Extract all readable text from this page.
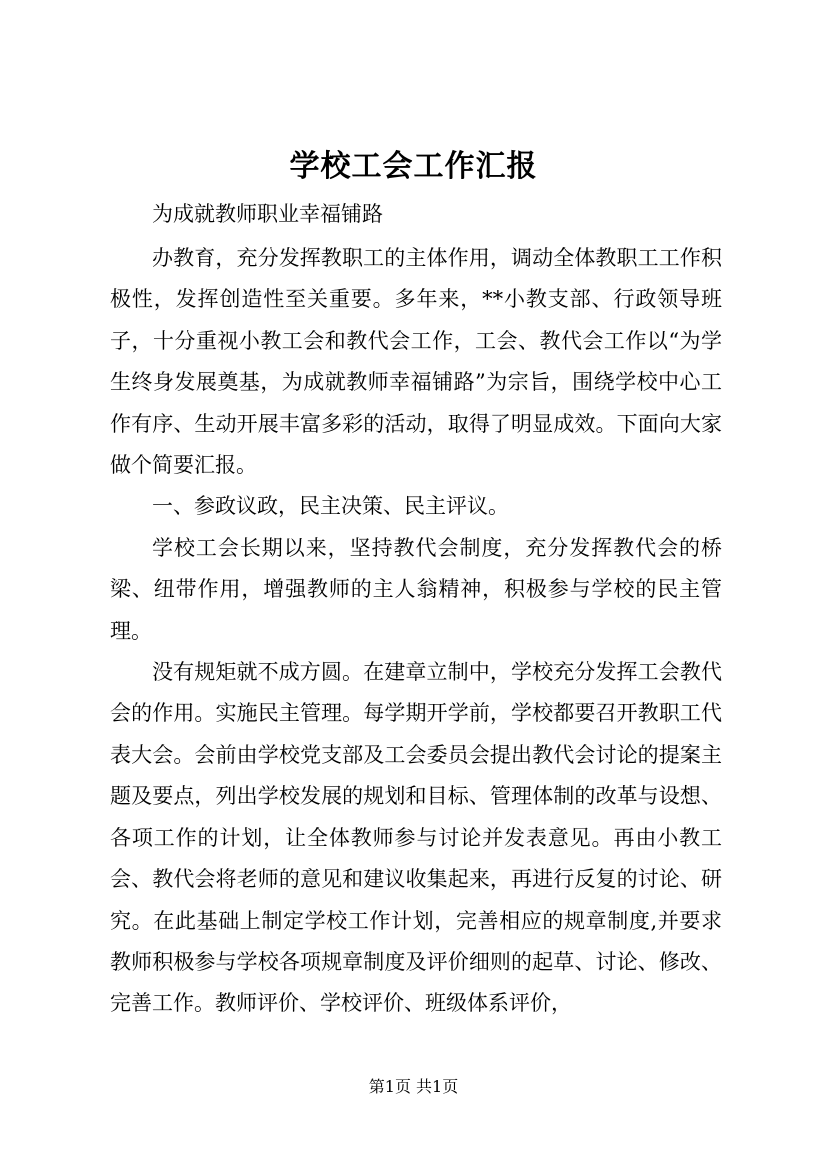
学校工会工作汇报

为成就教师职业幸福铺路

办教育，充分发挥教职工的主体作用，调动全体教职工工作积极性，发挥创造性至关重要。多年来，**小教支部、行政领导班子，十分重视小教工会和教代会工作，工会、教代会工作以“为学生终身发展奠基，为成就教师幸福铺路”为宗旨，围绕学校中心工作有序、生动开展丰富多彩的活动，取得了明显成效。下面向大家做个简要汇报。

一、参政议政，民主决策、民主评议。

学校工会长期以来，坚持教代会制度，充分发挥教代会的桥梁、纽带作用，增强教师的主人翁精神，积极参与学校的民主管理。

没有规矩就不成方圆。在建章立制中，学校充分发挥工会教代会的作用。实施民主管理。每学期开学前，学校都要召开教职工代表大会。会前由学校党支部及工会委员会提出教代会讨论的提案主题及要点，列出学校发展的规划和目标、管理体制的改革与设想、各项工作的计划，让全体教师参与讨论并发表意见。再由小教工会、教代会将老师的意见和建议收集起来，再进行反复的讨论、研究。在此基础上制定学校工作计划，完善相应的规章制度,并要求教师积极参与学校各项规章制度及评价细则的起草、讨论、修改、完善工作。教师评价、学校评价、班级体系评价，

第1页 共1页
